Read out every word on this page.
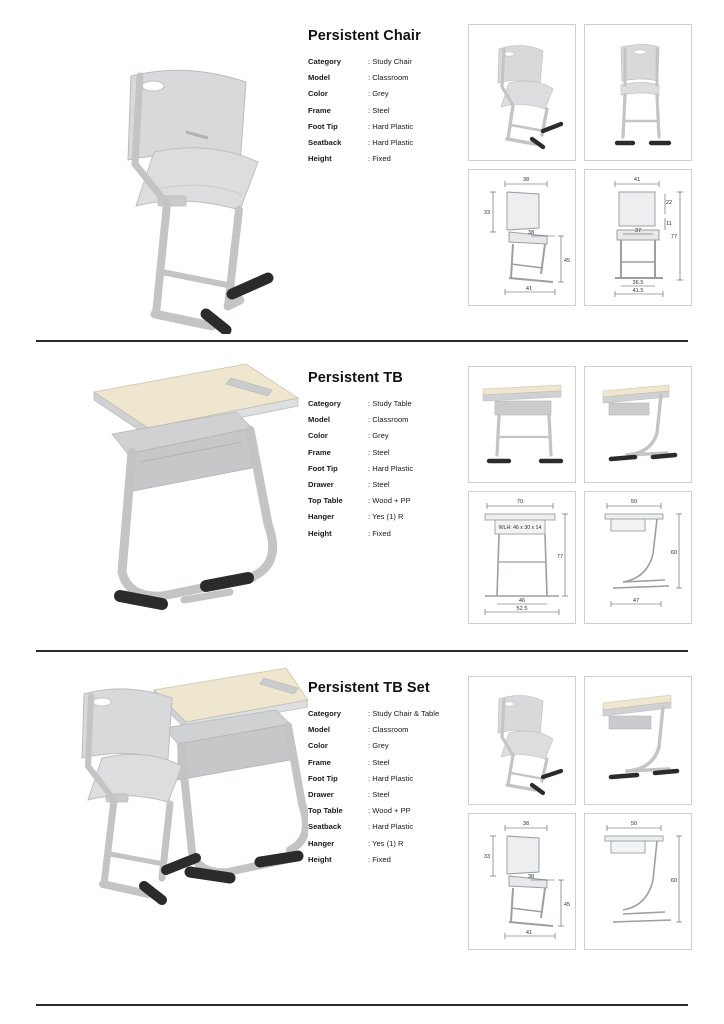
Persistent Chair
Category	: Study Chair
Model	: Classroom
Color	: Grey
Frame	: Steel
Foot Tip	: Hard Plastic
Seatback	: Hard Plastic
Height	: Fixed
38
33
38
45
41
41
22
11
37
77
36.5
41.5
Persistent TB
Category	: Study Table
Model	: Classroom
Color	: Grey
Frame	: Steel
Foot Tip	: Hard Plastic
Drawer	: Steel
Top Table	: Wood + PP
Hanger	: Yes (1) R
Height	: Fixed
70
WLH: 46 x 30 x 14
77
46
52.5
50
60
47
Persistent TB Set
Category	: Study Chair & Table
Model	: Classroom
Color	: Grey
Frame	: Steel
Foot Tip	: Hard Plastic
Drawer	: Steel
Top Table	: Wood + PP
Seatback	: Hard Plastic
Hanger	: Yes (1) R
Height	: Fixed
38
33
38
45
41
50
60
